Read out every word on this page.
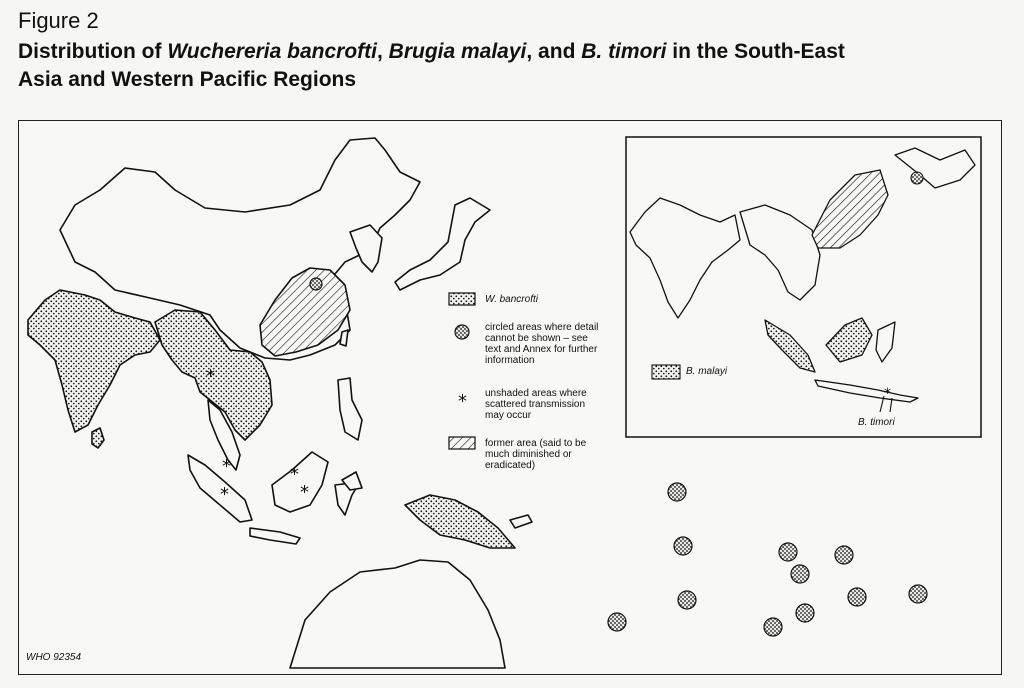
Figure 2
Distribution of Wuchereria bancrofti, Brugia malayi, and B. timori in the South-East
Asia and Western Pacific Regions
*
*
*
*
*
*	*
W. bancrofti
circled areas where detail
cannot be shown – see
text and Annex for further
information
unshaded areas where
scattered transmission
may occur
former area (said to be
much diminished or
eradicated)
B. malayi
B. timori
WHO 92354
